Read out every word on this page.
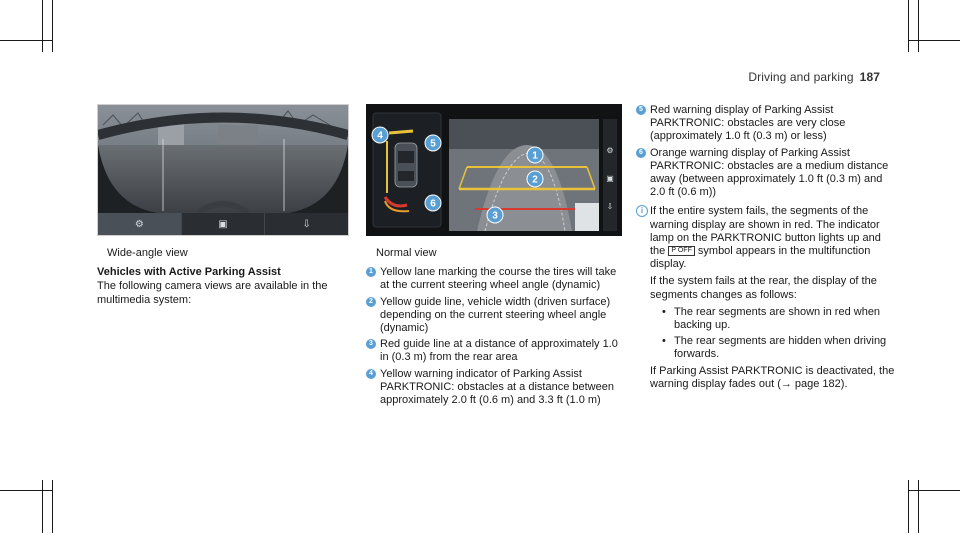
Driving and parking 187
⚙	▣	⇩
⚙
▣
⇩
1
2
3
4
5
6
Wide-angle view
Vehicles with Active Parking Assist

The following camera views are available in the multimedia system:

Normal view
1 Yellow lane marking the course the tires will take at the current steering wheel angle (dynamic)
2 Yellow guide line, vehicle width (driven surface) depending on the current steering wheel angle (dynamic)
3 Red guide line at a distance of approximately 1.0 in (0.3 m) from the rear area
4 Yellow warning indicator of Parking Assist PARKTRONIC: obstacles at a distance between approximately 2.0 ft (0.6 m) and 3.3 ft (1.0 m)
5 Red warning display of Parking Assist PARKTRONIC: obstacles are very close (approximately 1.0 ft (0.3 m) or less)
6 Orange warning display of Parking Assist PARKTRONIC: obstacles are a medium distance away (between approximately 1.0 ft (0.3 m) and 2.0 ft (0.6 m))
i If the entire system fails, the segments of the warning display are shown in red. The indicator lamp on the PARKTRONIC button lights up and the P OFF symbol appears in the multifunction display.

If the system fails at the rear, the display of the segments changes as follows:

• The rear segments are shown in red when backing up.
• The rear segments are hidden when driving forwards.

If Parking Assist PARKTRONIC is deactivated, the warning display fades out (→ page 182).
